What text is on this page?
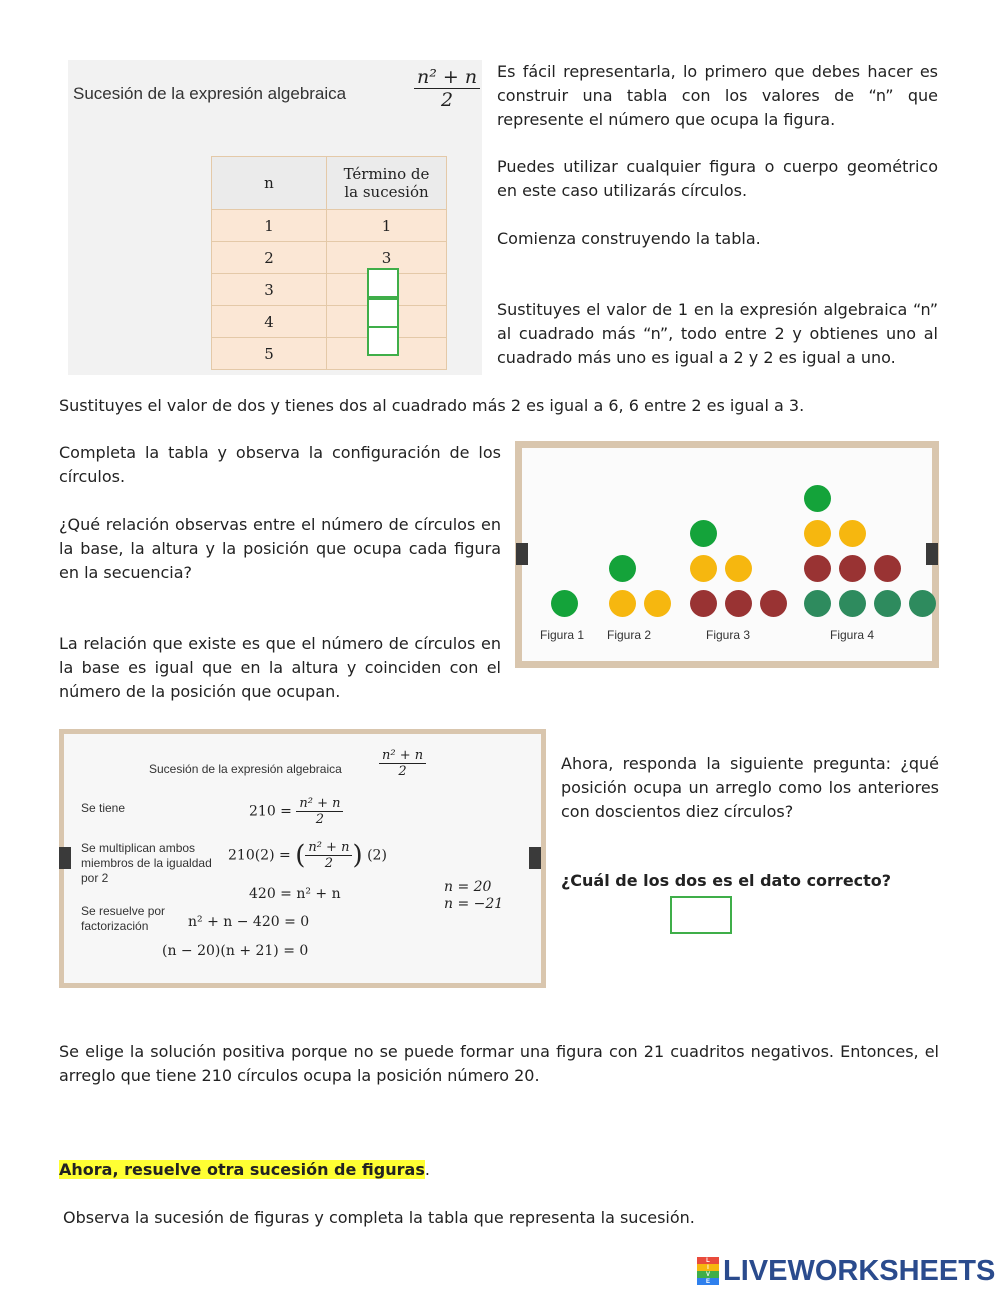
Sucesión de la expresión algebraica	$\frac{\text{n² + n}}{2}$
n	Término de
la sucesión
1	1
2	3
3	
4	
5	
Es fácil representarla, lo primero que debes hacer es construir una tabla con los valores de “n” que represente el número que ocupa la figura.
Puedes utilizar cualquier figura o cuerpo geométrico en este caso utilizarás círculos.
Comienza construyendo la tabla.
Sustituyes el valor de 1 en la expresión algebraica “n” al cuadrado más “n”, todo entre 2 y obtienes uno al cuadrado más uno es igual a 2 y 2 es igual a uno.
Sustituyes el valor de dos y tienes dos al cuadrado más 2 es igual a 6, 6 entre 2 es igual a 3.
Completa la tabla y observa la configuración de los círculos.
¿Qué relación observas entre el número de círculos en la base, la altura y la posición que ocupa cada figura en la secuencia?
La relación que existe es que el número de círculos en la base es igual que en la altura y coinciden con el número de la posición que ocupan.
Figura 1 Figura 2	Figura 3	Figura 4
Sucesión de la expresión algebraica	$\frac{\text{n² + n}}{2}$
Se tiene	$210 = \frac{\text{n² + n}}{2}$
Se multiplican ambos miembros de la igualdad por 2
210(2) = ( $\frac{\text{n² + n}}{2}$ ) (2)
420 = n² + n	n = 20
n = −21
Se resuelve por factorización	n² + n − 420 = 0
(n − 20)(n + 21) = 0
Ahora, responda la siguiente pregunta: ¿qué posición ocupa un arreglo como los anteriores con doscientos diez círculos?
¿Cuál de los dos es el dato correcto?
Se elige la solución positiva porque no se puede formar una figura con 21 cuadritos negativos. Entonces, el arreglo que tiene 210 círculos ocupa la posición número 20.
Ahora, resuelve otra sucesión de figuras.
Observa la sucesión de figuras y completa la tabla que representa la sucesión.
L
I
V
E LIVEWORKSHEETS
